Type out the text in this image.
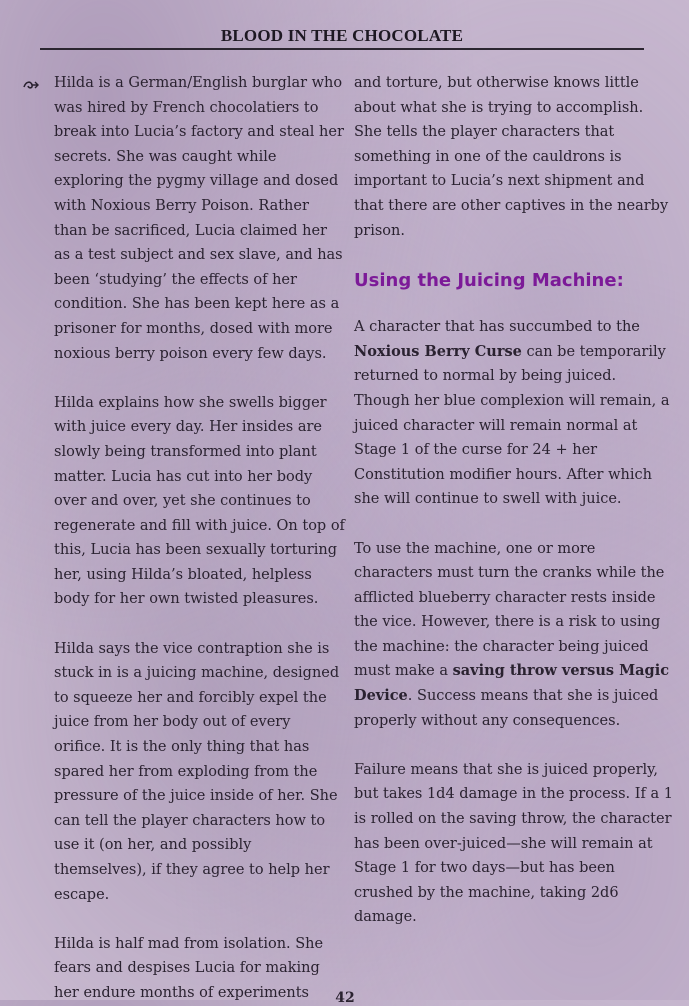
BLOOD IN THE CHOCOLATE

Hilda is a German/English burglar who was hired by French chocolatiers to break into Lucia’s factory and steal her secrets. She was caught while exploring the pygmy village and dosed with Noxious Berry Poison. Rather than be sacrificed, Lucia claimed her as a test subject and sex slave, and has been ‘studying’ the effects of her condition. She has been kept here as a prisoner for months, dosed with more noxious berry poison every few days.

Hilda explains how she swells bigger with juice every day. Her insides are slowly being transformed into plant matter. Lucia has cut into her body over and over, yet she continues to regenerate and fill with juice. On top of this, Lucia has been sexually torturing her, using Hilda’s bloated, helpless body for her own twisted pleasures.

Hilda says the vice contraption she is stuck in is a juicing machine, designed to squeeze her and forcibly expel the juice from her body out of every orifice. It is the only thing that has spared her from exploding from the pressure of the juice inside of her. She can tell the player characters how to use it (on her, and possibly themselves), if they agree to help her escape.

Hilda is half mad from isolation. She fears and despises Lucia for making her endure months of experiments

and torture, but otherwise knows little about what she is trying to accomplish. She tells the player characters that something in one of the cauldrons is important to Lucia’s next shipment and that there are other captives in the nearby prison.

Using the Juicing Machine:

A character that has succumbed to the Noxious Berry Curse can be temporarily returned to normal by being juiced. Though her blue complexion will remain, a juiced character will remain normal at Stage 1 of the curse for 24 + her Constitution modifier hours. After which she will continue to swell with juice.

To use the machine, one or more characters must turn the cranks while the afflicted blueberry character rests inside the vice. However, there is a risk to using the machine: the character being juiced must make a saving throw versus Magic Device. Success means that she is juiced properly without any consequences.

Failure means that she is juiced properly, but takes 1d4 damage in the process. If a 1 is rolled on the saving throw, the character has been over-juiced—she will remain at Stage 1 for two days—but has been crushed by the machine, taking 2d6 damage.

42
